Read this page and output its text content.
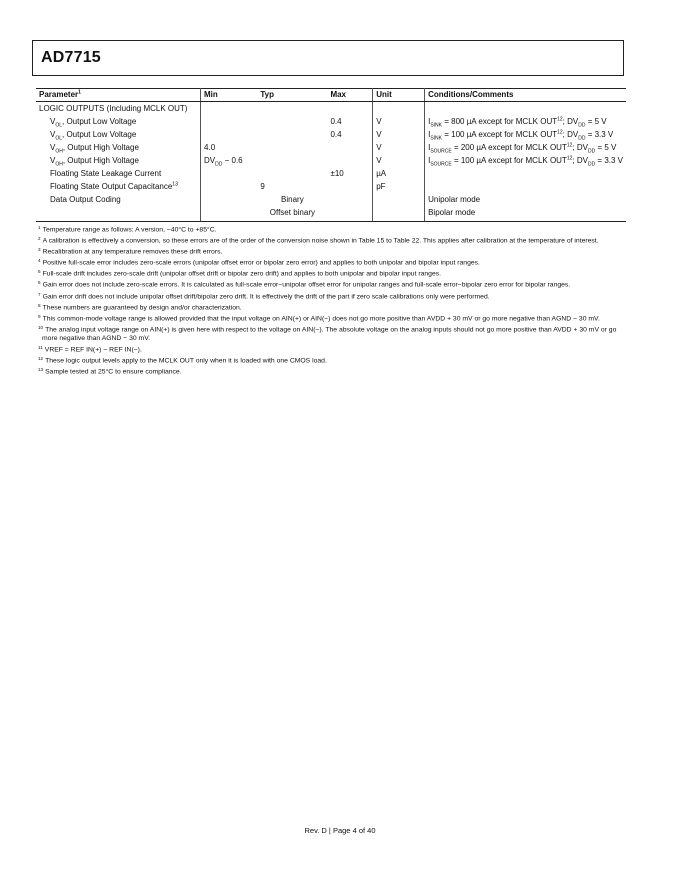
AD7715
Parameter$^1$	Min	Typ	Max	Unit	Conditions/Comments
LOGIC OUTPUTS (Including MCLK OUT)					
$V_{OL}$, Output Low Voltage			0.4	V	$I_{SINK} = 800$ µA except for MCLK OUT$^{12}$; $DV_{DD} = 5$ V
$V_{OL}$, Output Low Voltage			0.4	V	$I_{SINK} = 100$ µA except for MCLK OUT$^{12}$; $DV_{DD} = 3.3$ V
$V_{OH}$, Output High Voltage	4.0			V	$I_{SOURCE} = 200$ µA except for MCLK OUT$^{12}$; $DV_{DD} = 5$ V
$V_{OH}$, Output High Voltage	$DV_{DD} - 0.6$			V	$I_{SOURCE} = 100$ µA except for MCLK OUT$^{12}$; $DV_{DD} = 3.3$ V
Floating State Leakage Current			±10	µA	
Floating State Output Capacitance$^{13}$		9		pF	
Data Output Coding		Binary			Unipolar mode
		Offset binary			Bipolar mode
$^1$ Temperature range as follows: A version, −40°C to +85°C.
$^2$ A calibration is effectively a conversion, so these errors are of the order of the conversion noise shown in Table 15 to Table 22. This applies after calibration at the temperature of interest.
$^3$ Recalibration at any temperature removes these drift errors.
$^4$ Positive full-scale error includes zero-scale errors (unipolar offset error or bipolar zero error) and applies to both unipolar and bipolar input ranges.
$^5$ Full-scale drift includes zero-scale drift (unipolar offset drift or bipolar zero drift) and applies to both unipolar and bipolar input ranges.
$^6$ Gain error does not include zero-scale errors. It is calculated as full-scale error−unipolar offset error for unipolar ranges and full-scale error−bipolar zero error for bipolar ranges.
$^7$ Gain error drift does not include unipolar offset drift/bipolar zero drift. It is effectively the drift of the part if zero scale calibrations only were performed.
$^8$ These numbers are guaranteed by design and/or characterization.
$^9$ This common-mode voltage range is allowed provided that the input voltage on AIN(+) or AIN(−) does not go more positive than AVDD + 30 mV or go more negative than AGND − 30 mV.
$^{10}$ The analog input voltage range on AIN(+) is given here with respect to the voltage on AIN(−). The absolute voltage on the analog inputs should not go more positive than AVDD + 30 mV or go more negative than AGND − 30 mV.
$^{11}$ VREF = REF IN(+) − REF IN(−).
$^{12}$ These logic output levels apply to the MCLK OUT only when it is loaded with one CMOS load.
$^{13}$ Sample tested at 25°C to ensure compliance.
Rev. D | Page 4 of 40
